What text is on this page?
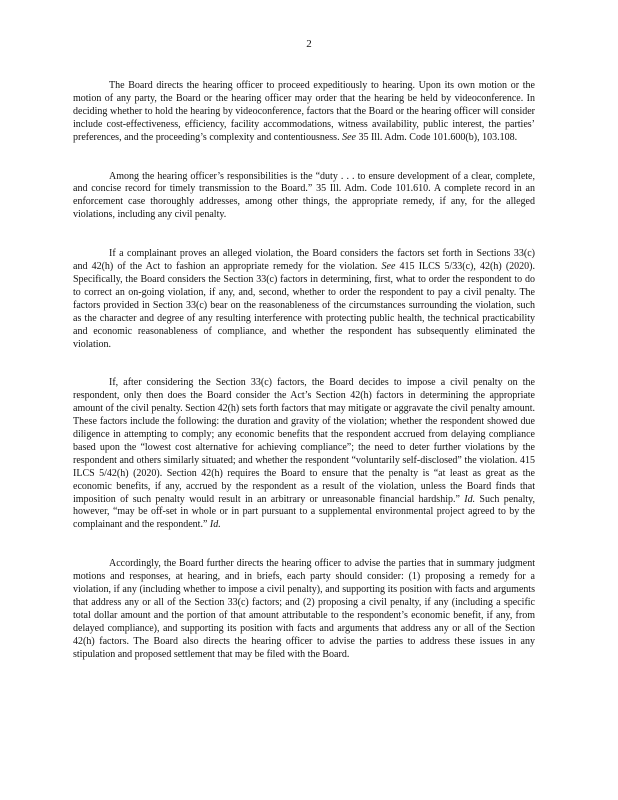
2

The Board directs the hearing officer to proceed expeditiously to hearing. Upon its own motion or the motion of any party, the Board or the hearing officer may order that the hearing be held by videoconference. In deciding whether to hold the hearing by videoconference, factors that the Board or the hearing officer will consider include cost-effectiveness, efficiency, facility accommodations, witness availability, public interest, the parties’ preferences, and the proceeding’s complexity and contentiousness. See 35 Ill. Adm. Code 101.600(b), 103.108.

Among the hearing officer’s responsibilities is the “duty . . . to ensure development of a clear, complete, and concise record for timely transmission to the Board.” 35 Ill. Adm. Code 101.610. A complete record in an enforcement case thoroughly addresses, among other things, the appropriate remedy, if any, for the alleged violations, including any civil penalty.

If a complainant proves an alleged violation, the Board considers the factors set forth in Sections 33(c) and 42(h) of the Act to fashion an appropriate remedy for the violation. See 415 ILCS 5/33(c), 42(h) (2020). Specifically, the Board considers the Section 33(c) factors in determining, first, what to order the respondent to do to correct an on-going violation, if any, and, second, whether to order the respondent to pay a civil penalty. The factors provided in Section 33(c) bear on the reasonableness of the circumstances surrounding the violation, such as the character and degree of any resulting interference with protecting public health, the technical practicability and economic reasonableness of compliance, and whether the respondent has subsequently eliminated the violation.

If, after considering the Section 33(c) factors, the Board decides to impose a civil penalty on the respondent, only then does the Board consider the Act’s Section 42(h) factors in determining the appropriate amount of the civil penalty. Section 42(h) sets forth factors that may mitigate or aggravate the civil penalty amount. These factors include the following: the duration and gravity of the violation; whether the respondent showed due diligence in attempting to comply; any economic benefits that the respondent accrued from delaying compliance based upon the “lowest cost alternative for achieving compliance”; the need to deter further violations by the respondent and others similarly situated; and whether the respondent “voluntarily self-disclosed” the violation. 415 ILCS 5/42(h) (2020). Section 42(h) requires the Board to ensure that the penalty is “at least as great as the economic benefits, if any, accrued by the respondent as a result of the violation, unless the Board finds that imposition of such penalty would result in an arbitrary or unreasonable financial hardship.” Id. Such penalty, however, “may be off-set in whole or in part pursuant to a supplemental environmental project agreed to by the complainant and the respondent.” Id.

Accordingly, the Board further directs the hearing officer to advise the parties that in summary judgment motions and responses, at hearing, and in briefs, each party should consider: (1) proposing a remedy for a violation, if any (including whether to impose a civil penalty), and supporting its position with facts and arguments that address any or all of the Section 33(c) factors; and (2) proposing a civil penalty, if any (including a specific total dollar amount and the portion of that amount attributable to the respondent’s economic benefit, if any, from delayed compliance), and supporting its position with facts and arguments that address any or all of the Section 42(h) factors. The Board also directs the hearing officer to advise the parties to address these issues in any stipulation and proposed settlement that may be filed with the Board.
